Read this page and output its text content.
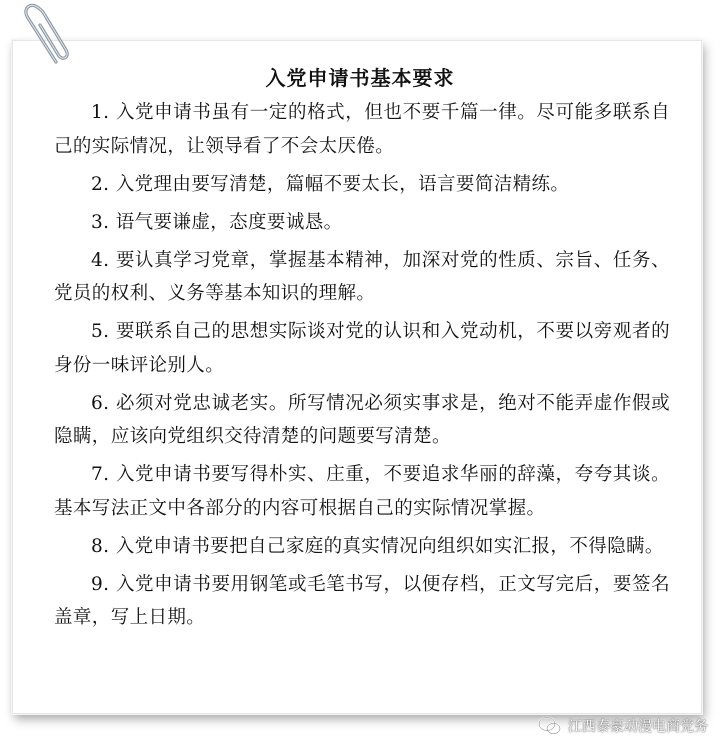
入党申请书基本要求

1. 入党申请书虽有一定的格式，但也不要千篇一律。尽可能多联系自己的实际情况，让领导看了不会太厌倦。

2. 入党理由要写清楚，篇幅不要太长，语言要简洁精练。

3. 语气要谦虚，态度要诚恳。

4. 要认真学习党章，掌握基本精神，加深对党的性质、宗旨、任务、党员的权利、义务等基本知识的理解。

5. 要联系自己的思想实际谈对党的认识和入党动机，不要以旁观者的身份一味评论别人。

6. 必须对党忠诚老实。所写情况必须实事求是，绝对不能弄虚作假或隐瞒，应该向党组织交待清楚的问题要写清楚。

7. 入党申请书要写得朴实、庄重，不要追求华丽的辞藻，夸夸其谈。基本写法正文中各部分的内容可根据自己的实际情况掌握。

8. 入党申请书要把自己家庭的真实情况向组织如实汇报，不得隐瞒。

9. 入党申请书要用钢笔或毛笔书写，以便存档，正文写完后，要签名盖章，写上日期。

江西泰豪动漫电商党务
